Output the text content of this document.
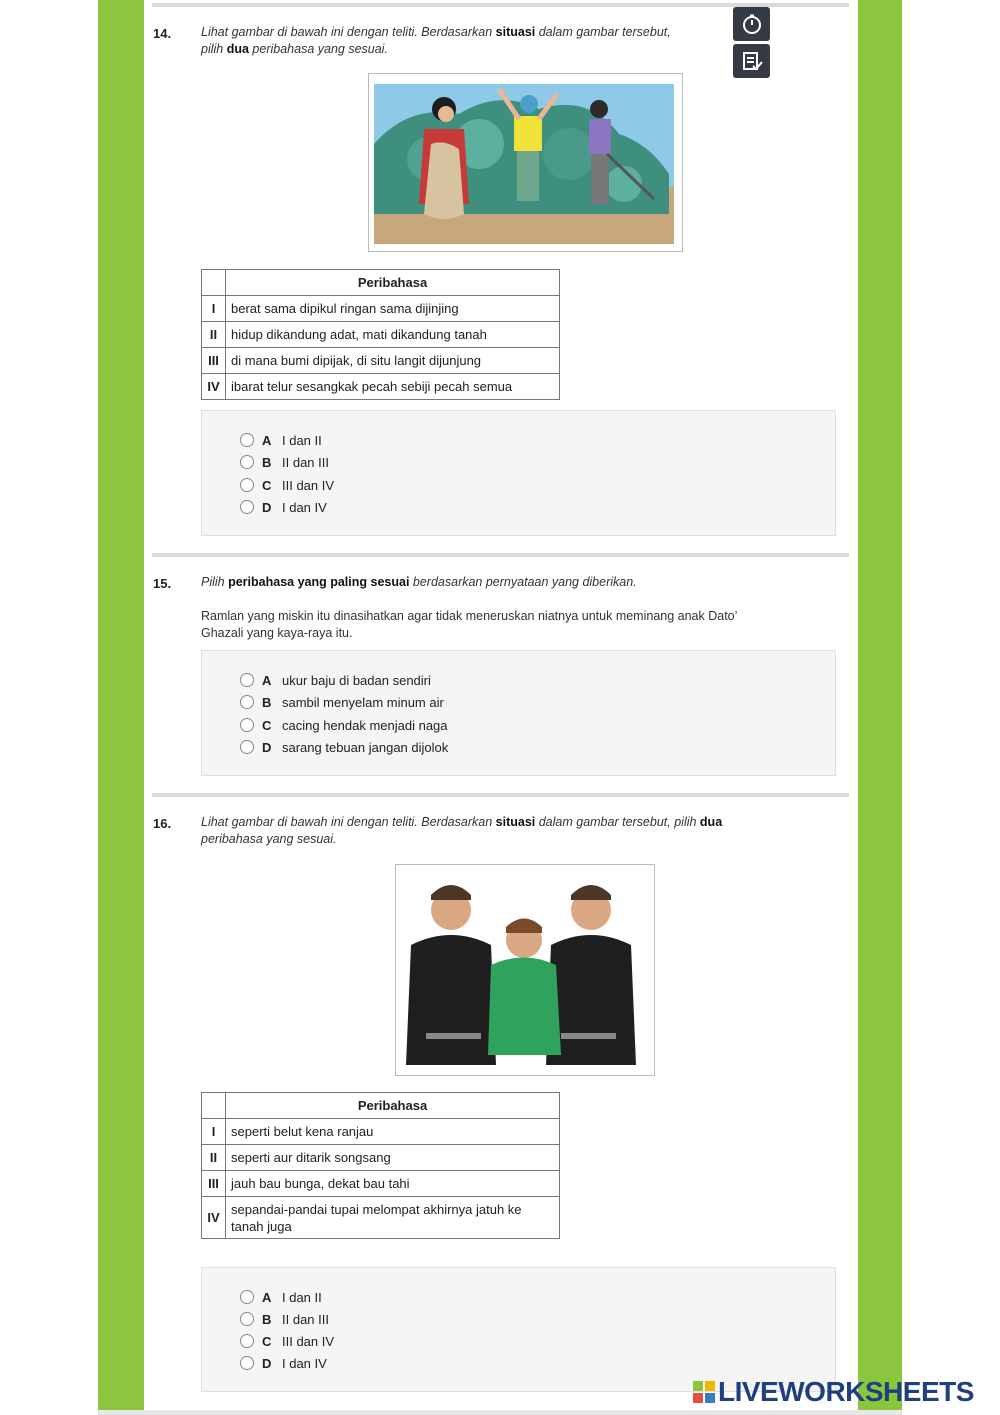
14. Lihat gambar di bawah ini dengan teliti. Berdasarkan situasi dalam gambar tersebut,
pilih dua peribahasa yang sesuai.
	Peribahasa
I	berat sama dipikul ringan sama dijinjing
II	hidup dikandung adat, mati dikandung tanah
III	di mana bumi dipijak, di situ langit dijunjung
IV	ibarat telur sesangkak pecah sebiji pecah semua
A I dan II
B II dan III
C III dan IV
D I dan IV
15. Pilih peribahasa yang paling sesuai berdasarkan pernyataan yang diberikan.
Ramlan yang miskin itu dinasihatkan agar tidak meneruskan niatnya untuk meminang anak Dato’
Ghazali yang kaya-raya itu.
A ukur baju di badan sendiri
B sambil menyelam minum air
C cacing hendak menjadi naga
D sarang tebuan jangan dijolok
16. Lihat gambar di bawah ini dengan teliti. Berdasarkan situasi dalam gambar tersebut, pilih dua
peribahasa yang sesuai.
	Peribahasa
I	seperti belut kena ranjau
II	seperti aur ditarik songsang
III	jauh bau bunga, dekat bau tahi
IV	sepandai-pandai tupai melompat akhirnya jatuh ke
tanah juga
A I dan II
B II dan III
C III dan IV
D I dan IV
LIVEWORKSHEETS
